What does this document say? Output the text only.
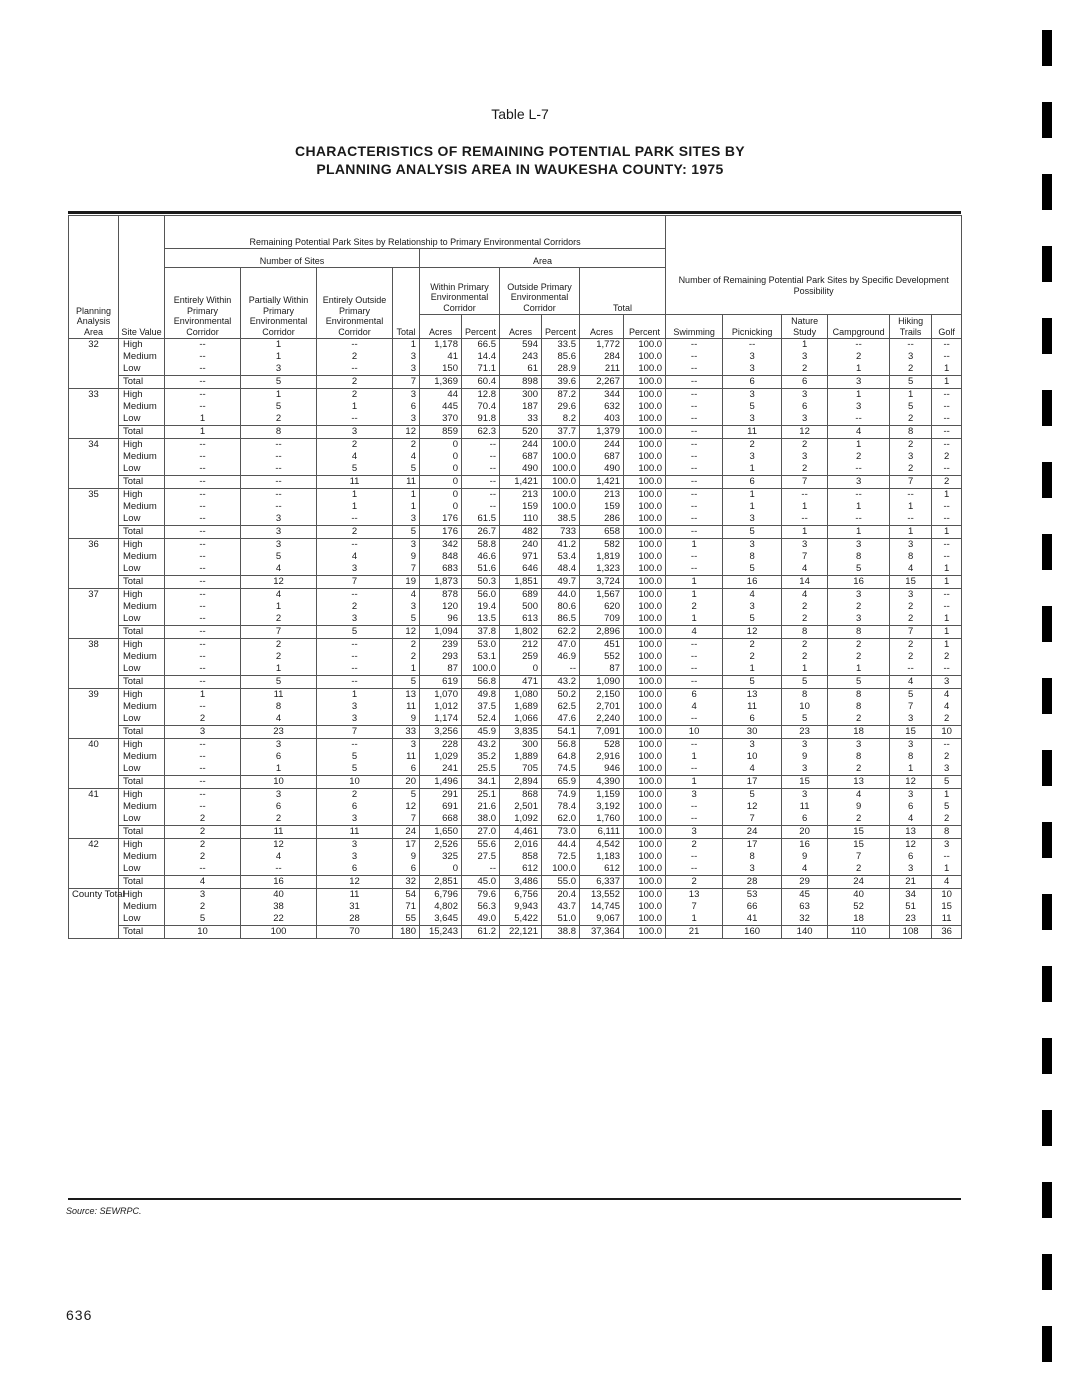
Table L-7
CHARACTERISTICS OF REMAINING POTENTIAL PARK SITES BY
PLANNING ANALYSIS AREA IN WAUKESHA COUNTY: 1975
Planning Analysis Area	Site Value	Remaining Potential Park Sites by Relationship to Primary Environmental Corridors										Number of Remaining Potential Park Sites by Specific Development Possibility					
		Number of Sites				Area											
		Entirely Within Primary Environmental Corridor	Partially Within Primary Environmental Corridor	Entirely Outside Primary Environmental Corridor	Total	Within Primary Environmental Corridor		Outside Primary Environmental Corridor		Total							
						Acres	Percent	Acres	Percent	Acres	Percent	Swimming	Picnicking	Nature Study	Campground	Hiking Trails	Golf
32	High	--	1	--	1	1,178	66.5	594	33.5	1,772	100.0	--	--	1	--	--	--
	Medium	--	1	2	3	41	14.4	243	85.6	284	100.0	--	3	3	2	3	--
	Low	--	3	--	3	150	71.1	61	28.9	211	100.0	--	3	2	1	2	1
	Total	--	5	2	7	1,369	60.4	898	39.6	2,267	100.0	--	6	6	3	5	1
33	High	--	1	2	3	44	12.8	300	87.2	344	100.0	--	3	3	1	1	--
	Medium	--	5	1	6	445	70.4	187	29.6	632	100.0	--	5	6	3	5	--
	Low	1	2	--	3	370	91.8	33	8.2	403	100.0	--	3	3	--	2	--
	Total	1	8	3	12	859	62.3	520	37.7	1,379	100.0	--	11	12	4	8	--
34	High	--	--	2	2	0	--	244	100.0	244	100.0	--	2	2	1	2	--
	Medium	--	--	4	4	0	--	687	100.0	687	100.0	--	3	3	2	3	2
	Low	--	--	5	5	0	--	490	100.0	490	100.0	--	1	2	--	2	--
	Total	--	--	11	11	0	--	1,421	100.0	1,421	100.0	--	6	7	3	7	2
35	High	--	--	1	1	0	--	213	100.0	213	100.0	--	1	--	--	--	1
	Medium	--	--	1	1	0	--	159	100.0	159	100.0	--	1	1	1	1	--
	Low	--	3	--	3	176	61.5	110	38.5	286	100.0	--	3	--	--	--	--
	Total	--	3	2	5	176	26.7	482	733	658	100.0	--	5	1	1	1	1
36	High	--	3	--	3	342	58.8	240	41.2	582	100.0	1	3	3	3	3	--
	Medium	--	5	4	9	848	46.6	971	53.4	1,819	100.0	--	8	7	8	8	--
	Low	--	4	3	7	683	51.6	646	48.4	1,323	100.0	--	5	4	5	4	1
	Total	--	12	7	19	1,873	50.3	1,851	49.7	3,724	100.0	1	16	14	16	15	1
37	High	--	4	--	4	878	56.0	689	44.0	1,567	100.0	1	4	4	3	3	--
	Medium	--	1	2	3	120	19.4	500	80.6	620	100.0	2	3	2	2	2	--
	Low	--	2	3	5	96	13.5	613	86.5	709	100.0	1	5	2	3	2	1
	Total	--	7	5	12	1,094	37.8	1,802	62.2	2,896	100.0	4	12	8	8	7	1
38	High	--	2	--	2	239	53.0	212	47.0	451	100.0	--	2	2	2	2	1
	Medium	--	2	--	2	293	53.1	259	46.9	552	100.0	--	2	2	2	2	2
	Low	--	1	--	1	87	100.0	0	--	87	100.0	--	1	1	1	--	--
	Total	--	5	--	5	619	56.8	471	43.2	1,090	100.0	--	5	5	5	4	3
39	High	1	11	1	13	1,070	49.8	1,080	50.2	2,150	100.0	6	13	8	8	5	4
	Medium	--	8	3	11	1,012	37.5	1,689	62.5	2,701	100.0	4	11	10	8	7	4
	Low	2	4	3	9	1,174	52.4	1,066	47.6	2,240	100.0	--	6	5	2	3	2
	Total	3	23	7	33	3,256	45.9	3,835	54.1	7,091	100.0	10	30	23	18	15	10
40	High	--	3	--	3	228	43.2	300	56.8	528	100.0	--	3	3	3	3	--
	Medium	--	6	5	11	1,029	35.2	1,889	64.8	2,916	100.0	1	10	9	8	8	2
	Low	--	1	5	6	241	25.5	705	74.5	946	100.0	--	4	3	2	1	3
	Total	--	10	10	20	1,496	34.1	2,894	65.9	4,390	100.0	1	17	15	13	12	5
41	High	--	3	2	5	291	25.1	868	74.9	1,159	100.0	3	5	3	4	3	1
	Medium	--	6	6	12	691	21.6	2,501	78.4	3,192	100.0	--	12	11	9	6	5
	Low	2	2	3	7	668	38.0	1,092	62.0	1,760	100.0	--	7	6	2	4	2
	Total	2	11	11	24	1,650	27.0	4,461	73.0	6,111	100.0	3	24	20	15	13	8
42	High	2	12	3	17	2,526	55.6	2,016	44.4	4,542	100.0	2	17	16	15	12	3
	Medium	2	4	3	9	325	27.5	858	72.5	1,183	100.0	--	8	9	7	6	--
	Low	--	--	6	6	0	--	612	100.0	612	100.0	--	3	4	2	3	1
	Total	4	16	12	32	2,851	45.0	3,486	55.0	6,337	100.0	2	28	29	24	21	4
County Total	High	3	40	11	54	6,796	79.6	6,756	20.4	13,552	100.0	13	53	45	40	34	10
	Medium	2	38	31	71	4,802	56.3	9,943	43.7	14,745	100.0	7	66	63	52	51	15
	Low	5	22	28	55	3,645	49.0	5,422	51.0	9,067	100.0	1	41	32	18	23	11
	Total	10	100	70	180	15,243	61.2	22,121	38.8	37,364	100.0	21	160	140	110	108	36
Source: SEWRPC.
636
